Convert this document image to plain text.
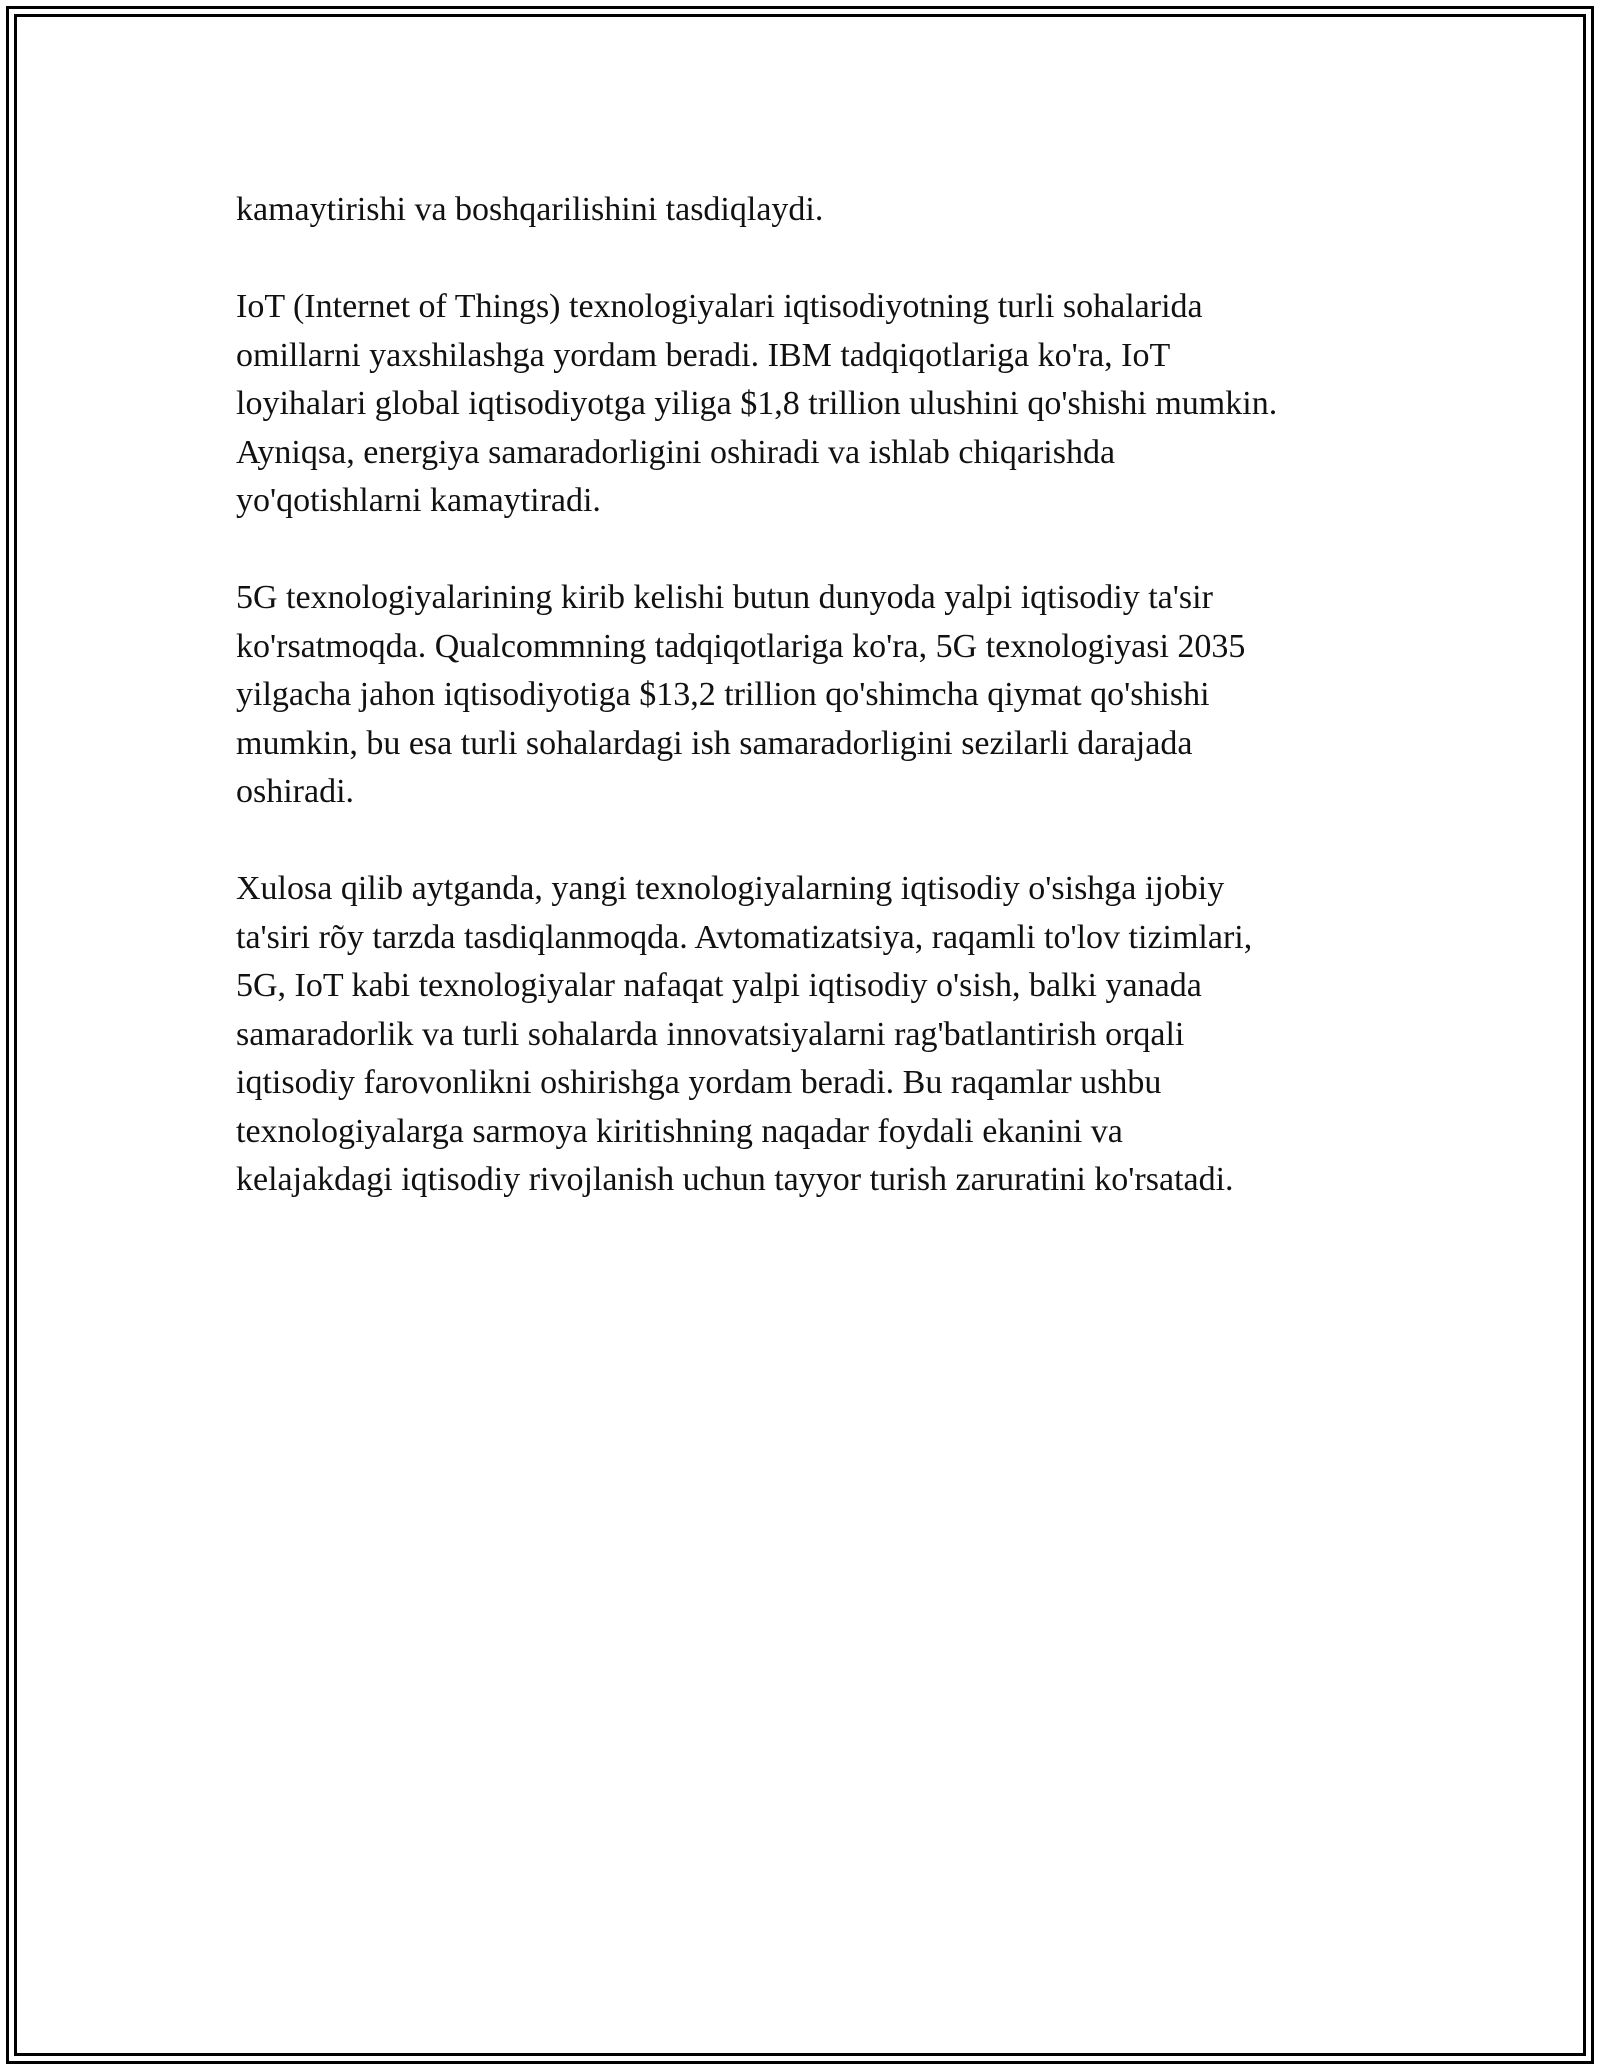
kamaytirishi va boshqarilishini tasdiqlaydi.

IoT (Internet of Things) texnologiyalari iqtisodiyotning turli sohalarida
omillarni yaxshilashga yordam beradi. IBM tadqiqotlariga ko'ra, IoT
loyihalari global iqtisodiyotga yiliga $1,8 trillion ulushini qo'shishi mumkin.
Ayniqsa, energiya samaradorligini oshiradi va ishlab chiqarishda
yo'qotishlarni kamaytiradi.

5G texnologiyalarining kirib kelishi butun dunyoda yalpi iqtisodiy ta'sir
ko'rsatmoqda. Qualcommning tadqiqotlariga ko'ra, 5G texnologiyasi 2035
yilgacha jahon iqtisodiyotiga $13,2 trillion qo'shimcha qiymat qo'shishi
mumkin, bu esa turli sohalardagi ish samaradorligini sezilarli darajada
oshiradi.

Xulosa qilib aytganda, yangi texnologiyalarning iqtisodiy o'sishga ijobiy
ta'siri rõy tarzda tasdiqlanmoqda. Avtomatizatsiya, raqamli to'lov tizimlari,
5G, IoT kabi texnologiyalar nafaqat yalpi iqtisodiy o'sish, balki yanada
samaradorlik va turli sohalarda innovatsiyalarni rag'batlantirish orqali
iqtisodiy farovonlikni oshirishga yordam beradi. Bu raqamlar ushbu
texnologiyalarga sarmoya kiritishning naqadar foydali ekanini va
kelajakdagi iqtisodiy rivojlanish uchun tayyor turish zaruratini ko'rsatadi.
